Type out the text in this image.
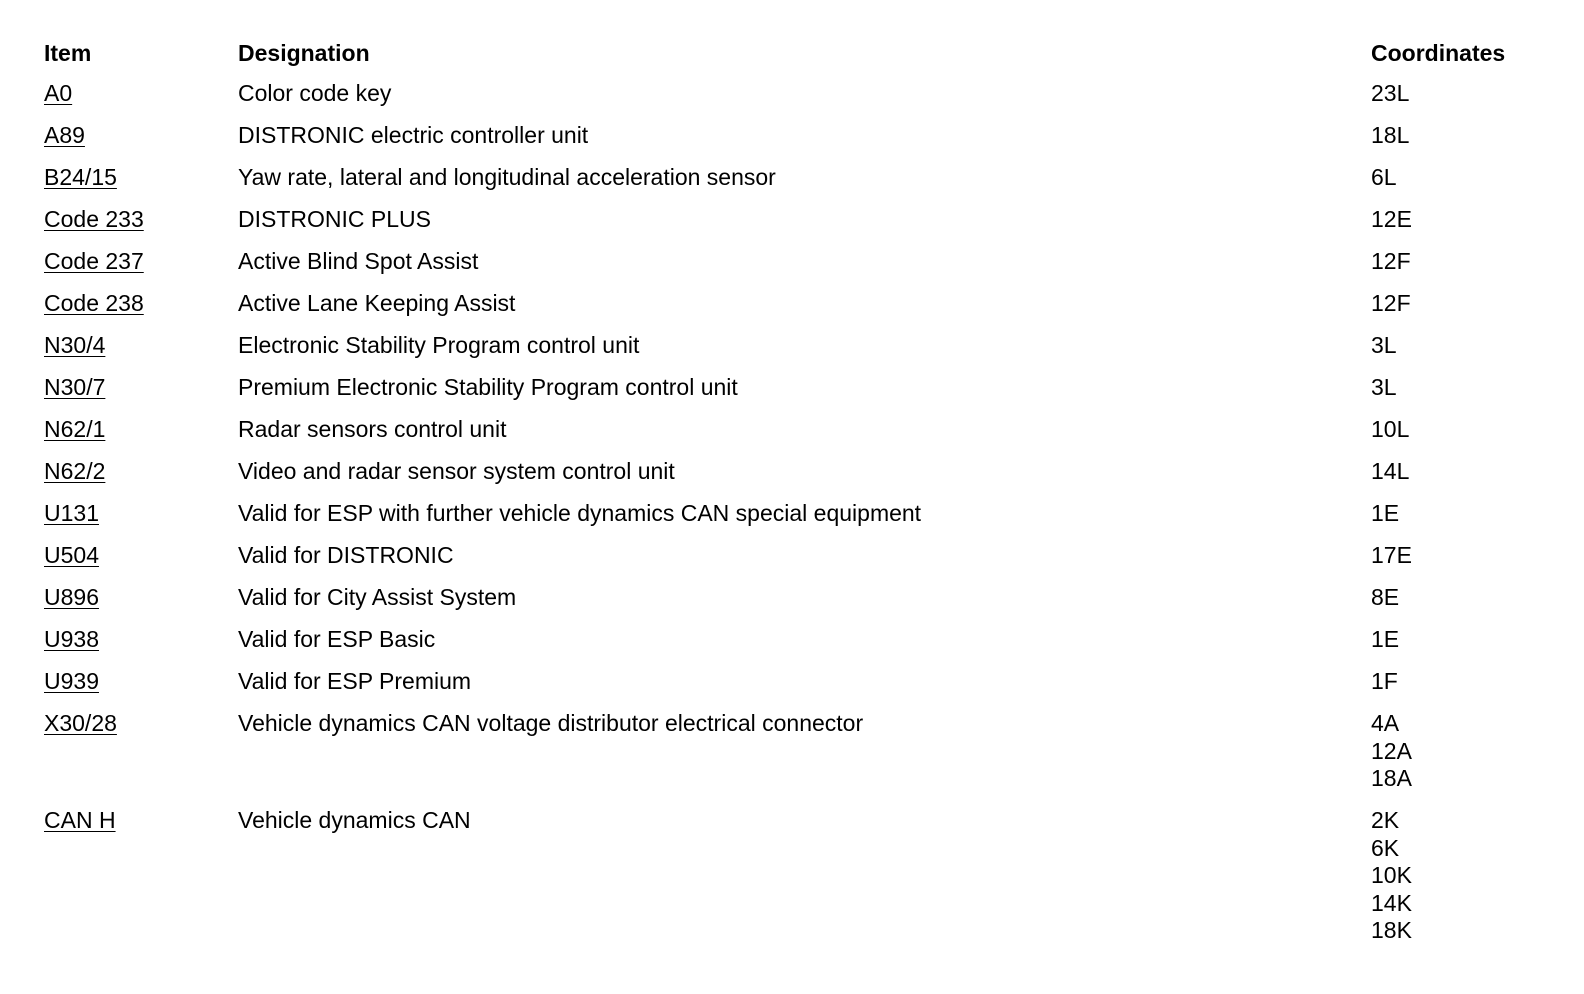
Item	Designation	Coordinates
A0	Color code key	23L

A89	DISTRONIC electric controller unit	18L

B24/15	Yaw rate, lateral and longitudinal acceleration sensor	6L

Code 233	DISTRONIC PLUS	12E

Code 237	Active Blind Spot Assist	12F

Code 238	Active Lane Keeping Assist	12F

N30/4	Electronic Stability Program control unit	3L

N30/7	Premium Electronic Stability Program control unit	3L

N62/1	Radar sensors control unit	10L

N62/2	Video and radar sensor system control unit	14L

U131	Valid for ESP with further vehicle dynamics CAN special equipment	1E

U504	Valid for DISTRONIC	17E

U896	Valid for City Assist System	8E

U938	Valid for ESP Basic	1E

U939	Valid for ESP Premium	1F

X30/28	Vehicle dynamics CAN voltage distributor electrical connector	4A
12A
18A

CAN H	Vehicle dynamics CAN	2K
6K
10K
14K
18K
